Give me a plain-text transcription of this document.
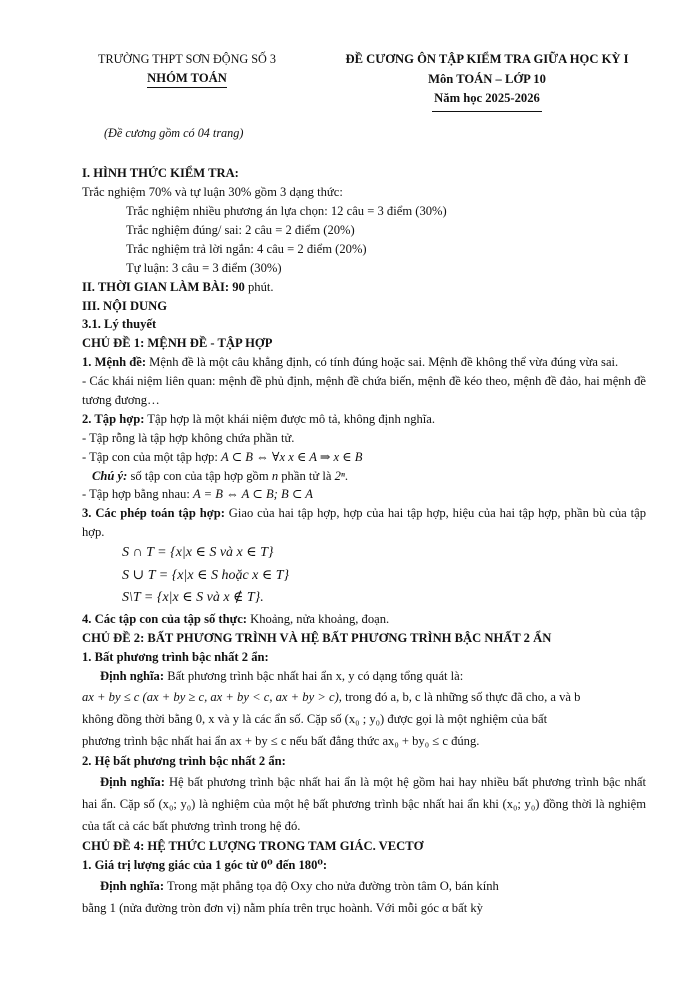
TRƯỜNG THPT SƠN ĐỘNG SỐ 3
NHÓM TOÁN
ĐỀ CƯƠNG ÔN TẬP KIỂM TRA GIỮA HỌC KỲ I
Môn TOÁN – LỚP 10
Năm học 2025-2026
(Đề cương gồm có 04 trang)
I. HÌNH THỨC KIỂM TRA:
Trắc nghiệm 70% và tự luận 30% gồm 3 dạng thức:
Trắc nghiệm nhiều phương án lựa chọn: 12 câu = 3 điểm (30%)
Trắc nghiệm đúng/ sai: 2 câu = 2 điểm (20%)
Trắc nghiệm trả lời ngắn: 4 câu = 2 điểm (20%)
Tự luận: 3 câu = 3 điểm (30%)
II. THỜI GIAN LÀM BÀI: 90 phút.
III. NỘI DUNG
3.1. Lý thuyết
CHỦ ĐỀ 1: MỆNH ĐỀ - TẬP HỢP

1. Mệnh đề: Mệnh đề là một câu khẳng định, có tính đúng hoặc sai. Mệnh đề không thể vừa đúng vừa sai.

- Các khái niệm liên quan: mệnh đề phủ định, mệnh đề chứa biến, mệnh đề kéo theo, mệnh đề đảo, hai mệnh đề tương đương…

2. Tập hợp: Tập hợp là một khái niệm được mô tả, không định nghĩa.

- Tập rỗng là tập hợp không chứa phần tử.

- Tập con của một tập hợp: A ⊂ B ⇔ ∀x x ∈ A ⇒ x ∈ B

Chú ý: số tập con của tập hợp gồm n phần tử là 2ⁿ.

- Tập hợp bằng nhau: A = B ⇔ A ⊂ B; B ⊂ A

3. Các phép toán tập hợp: Giao của hai tập hợp, hợp của hai tập hợp, hiệu của hai tập hợp, phần bù của tập hợp.

S ∩ T = {x|x ∈ S và x ∈ T}
S ∪ T = {x|x ∈ S hoặc x ∈ T}
S\T = {x|x ∈ S và x ∉ T}.

4. Các tập con của tập số thực: Khoảng, nửa khoảng, đoạn.

CHỦ ĐỀ 2: BẤT PHƯƠNG TRÌNH VÀ HỆ BẤT PHƯƠNG TRÌNH BẬC NHẤT 2 ẨN
1. Bất phương trình bậc nhất 2 ẩn:

Định nghĩa: Bất phương trình bậc nhất hai ẩn x, y có dạng tổng quát là:

ax + by ≤ c (ax + by ≥ c, ax + by < c, ax + by > c), trong đó a, b, c là những số thực đã cho, a và b

không đồng thời bằng 0, x và y là các ẩn số. Cặp số (x₀ ; y₀) được gọi là một nghiệm của bất

phương trình bậc nhất hai ẩn ax + by ≤ c nếu bất đẳng thức ax₀ + by₀ ≤ c đúng.

2. Hệ bất phương trình bậc nhất 2 ẩn:

Định nghĩa: Hệ bất phương trình bậc nhất hai ẩn là một hệ gồm hai hay nhiều bất phương trình bậc nhất hai ẩn. Cặp số (x₀; y₀) là nghiệm của một hệ bất phương trình bậc nhất hai ẩn khi (x₀; y₀) đồng thời là nghiệm của tất cả các bất phương trình trong hệ đó.

CHỦ ĐỀ 4: HỆ THỨC LƯỢNG TRONG TAM GIÁC. VECTƠ
1. Giá trị lượng giác của 1 góc từ 0⁰ đến 180⁰:

Định nghĩa: Trong mặt phẳng tọa độ Oxy cho nửa đường tròn tâm O, bán kính

bằng 1 (nửa đường tròn đơn vị) nằm phía trên trục hoành. Với mỗi góc α bất kỳ
